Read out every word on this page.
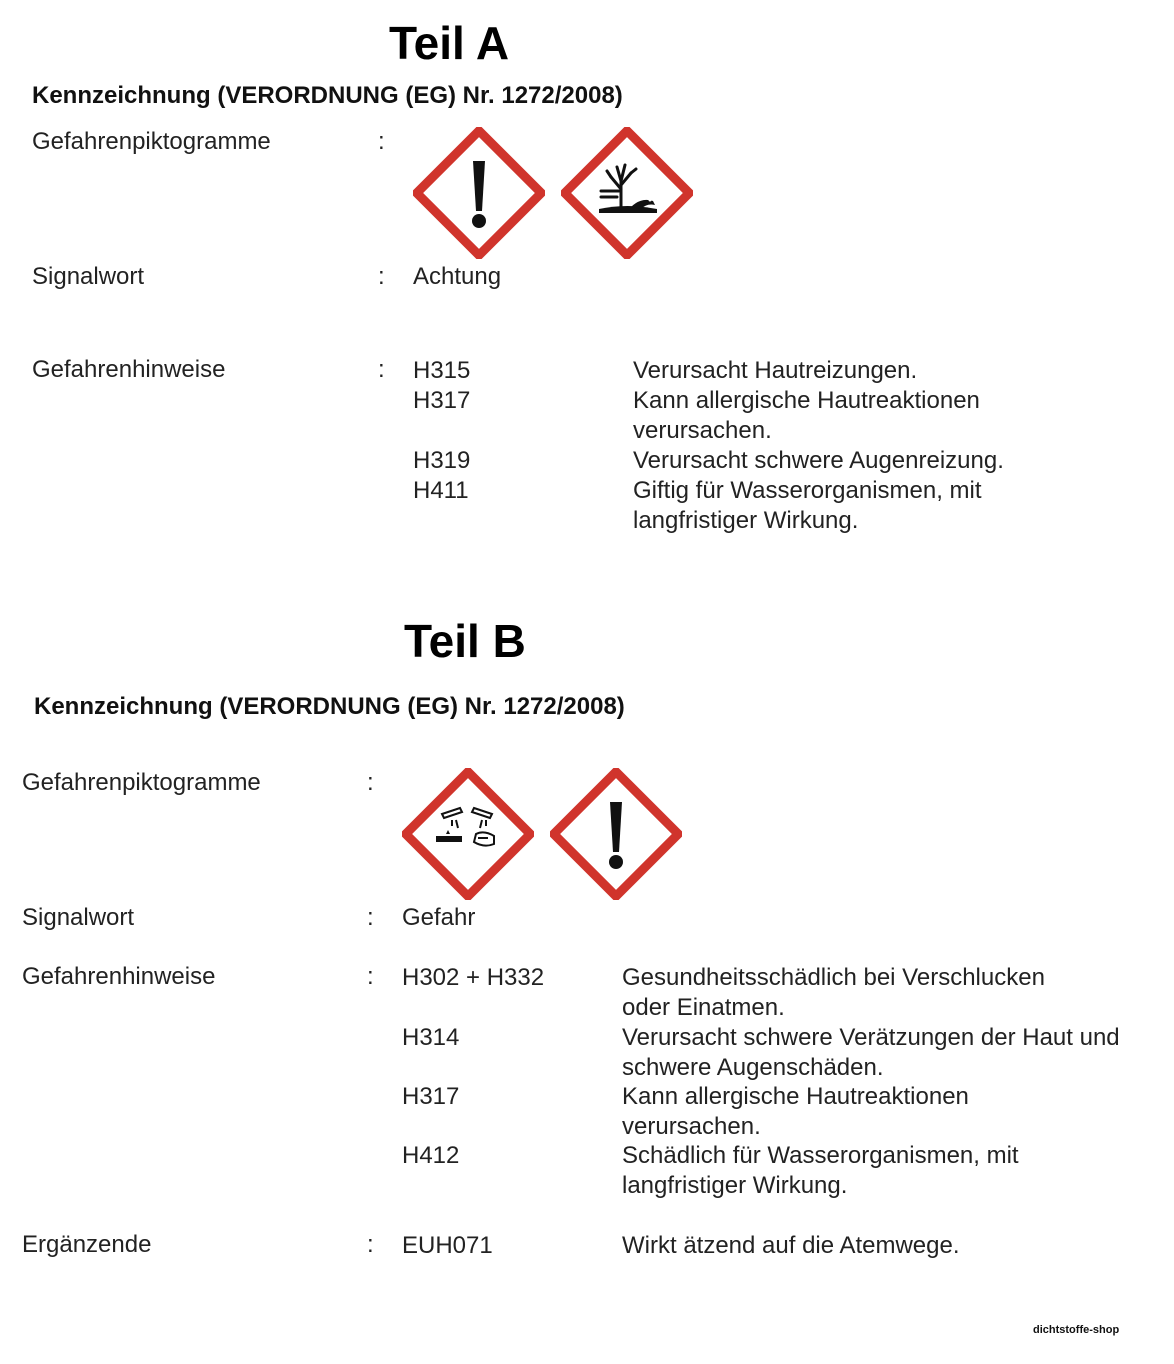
Teil A
Kennzeichnung (VERORDNUNG (EG) Nr. 1272/2008)
Gefahrenpiktogramme	:
Signalwort	: Achtung
Gefahrenhinweise	: H315	Verursacht Hautreizungen.
H317	Kann allergische Hautreaktionen verursachen.
H319	Verursacht schwere Augenreizung.
H411	Giftig für Wasserorganismen, mit langfristiger Wirkung.
Teil B
Kennzeichnung (VERORDNUNG (EG) Nr. 1272/2008)
Gefahrenpiktogramme	:
Signalwort	: Gefahr
Gefahrenhinweise	: H302 + H332	Gesundheitsschädlich bei Verschlucken oder Einatmen.
H314	Verursacht schwere Verätzungen der Haut und schwere Augenschäden.
H317	Kann allergische Hautreaktionen verursachen.
H412	Schädlich für Wasserorganismen, mit langfristiger Wirkung.
Ergänzende	: EUH071	Wirkt ätzend auf die Atemwege.
dichtstoffe-shop
